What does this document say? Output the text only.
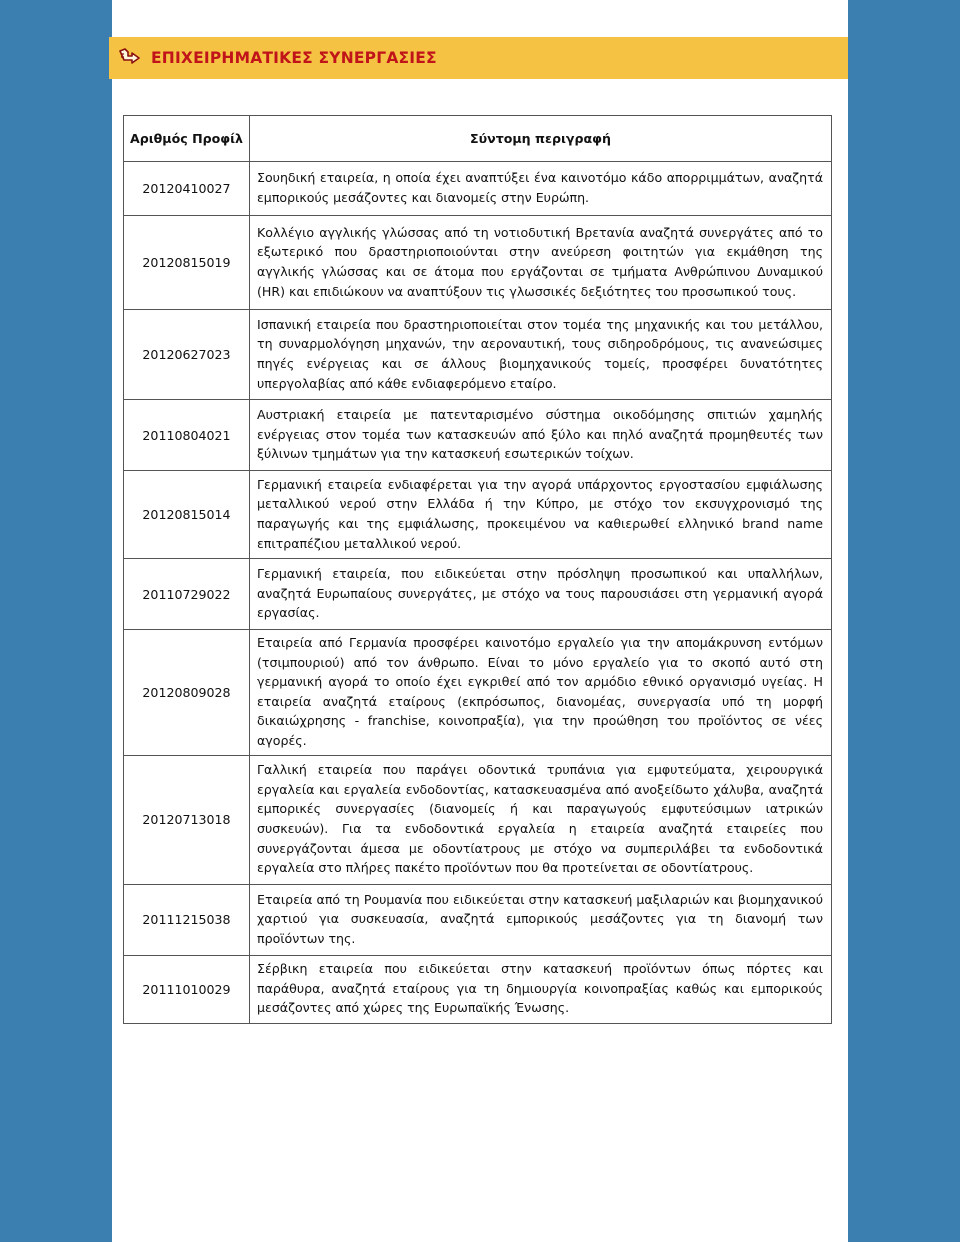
ΕΠΙΧΕΙΡΗΜΑΤΙΚΕΣ ΣΥΝΕΡΓΑΣΙΕΣ
Αριθμός Προφίλ	Σύντομη περιγραφή
20120410027	Σουηδική εταιρεία, η οποία έχει αναπτύξει ένα καινοτόμο κάδο απορριμμάτων, αναζητά εμπορικούς μεσάζοντες και διανομείς στην Ευρώπη.
20120815019	Κολλέγιο αγγλικής γλώσσας από τη νοτιοδυτική Βρετανία αναζητά συνεργάτες από το εξωτερικό που δραστηριοποιούνται στην ανεύρεση φοιτητών για εκμάθηση της αγγλικής γλώσσας και σε άτομα που εργάζονται σε τμήματα Ανθρώπινου Δυναμικού (HR) και επιδιώκουν να αναπτύξουν τις γλωσσικές δεξιότητες του προσωπικού τους.
20120627023	Ισπανική εταιρεία που δραστηριοποιείται στον τομέα της μηχανικής και του μετάλλου, τη συναρμολόγηση μηχανών, την αεροναυτική, τους σιδηροδρόμους, τις ανανεώσιμες πηγές ενέργειας και σε άλλους βιομηχανικούς τομείς, προσφέρει δυνατότητες υπεργολαβίας από κάθε ενδιαφερόμενο εταίρο.
20110804021	Αυστριακή εταιρεία με πατενταρισμένο σύστημα οικοδόμησης σπιτιών χαμηλής ενέργειας στον τομέα των κατασκευών από ξύλο και πηλό αναζητά προμηθευτές των ξύλινων τμημάτων για την κατασκευή εσωτερικών τοίχων.
20120815014	Γερμανική εταιρεία ενδιαφέρεται για την αγορά υπάρχοντος εργοστασίου εμφιάλωσης μεταλλικού νερού στην Ελλάδα ή την Κύπρο, με στόχο τον εκσυγχρονισμό της παραγωγής και της εμφιάλωσης, προκειμένου να καθιερωθεί ελληνικό brand name επιτραπέζιου μεταλλικού νερού.
20110729022	Γερμανική εταιρεία, που ειδικεύεται στην πρόσληψη προσωπικού και υπαλλήλων, αναζητά Ευρωπαίους συνεργάτες, με στόχο να τους παρουσιάσει στη γερμανική αγορά εργασίας.
20120809028	Εταιρεία από Γερμανία προσφέρει καινοτόμο εργαλείο για την απομάκρυνση εντόμων (τσιμπουριού) από τον άνθρωπο. Είναι το μόνο εργαλείο για το σκοπό αυτό στη γερμανική αγορά το οποίο έχει εγκριθεί από τον αρμόδιο εθνικό οργανισμό υγείας. Η εταιρεία αναζητά εταίρους (εκπρόσωπος, διανομέας, συνεργασία υπό τη μορφή δικαιώχρησης - franchise, κοινοπραξία), για την προώθηση του προϊόντος σε νέες αγορές.
20120713018	Γαλλική εταιρεία που παράγει οδοντικά τρυπάνια για εμφυτεύματα, χειρουργικά εργαλεία και εργαλεία ενδοδοντίας, κατασκευασμένα από ανοξείδωτο χάλυβα, αναζητά εμπορικές συνεργασίες (διανομείς ή και παραγωγούς εμφυτεύσιμων ιατρικών συσκευών). Για τα ενδοδοντικά εργαλεία η εταιρεία αναζητά εταιρείες που συνεργάζονται άμεσα με οδοντίατρους με στόχο να συμπεριλάβει τα ενδοδοντικά εργαλεία στο πλήρες πακέτο προϊόντων που θα προτείνεται σε οδοντίατρους.
20111215038	Εταιρεία από τη Ρουμανία που ειδικεύεται στην κατασκευή μαξιλαριών και βιομηχανικού χαρτιού για συσκευασία, αναζητά εμπορικούς μεσάζοντες για τη διανομή των προϊόντων της.
20111010029	Σέρβικη εταιρεία που ειδικεύεται στην κατασκευή προϊόντων όπως πόρτες και παράθυρα, αναζητά εταίρους για τη δημιουργία κοινοπραξίας καθώς και εμπορικούς μεσάζοντες από χώρες της Ευρωπαϊκής Ένωσης.
